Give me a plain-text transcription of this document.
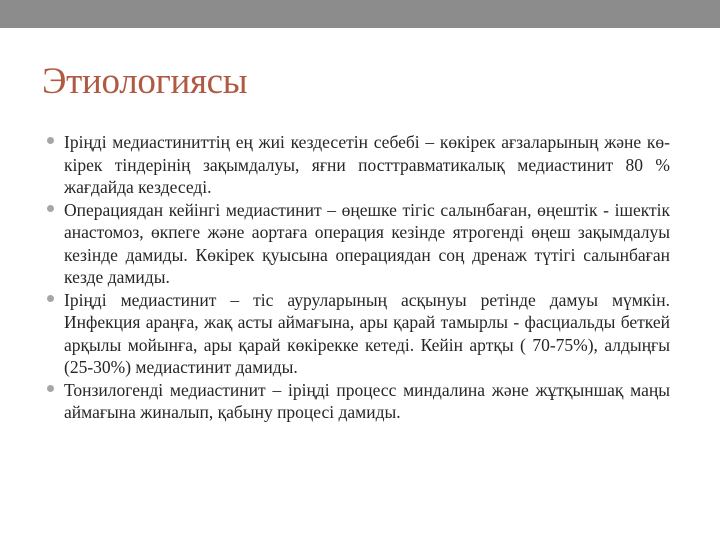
Этиологиясы
Іріңді медиастиниттің ең жиі кездесетін себебі – көкірек ағзаларының және көкірек тіндерінің зақымдалуы, яғни посттравматикалық медиастинит 80 % жағдайда кездеседі.
Операциядан кейінгі медиастинит – өңешке тігіс салынбаған, өңештік - ішектік анастомоз, өкпеге және аортаға операция кезінде ятрогенді өңеш зақымдалуы кезінде дамиды. Көкірек қуысына операциядан соң дренаж түтігі салынбаған кезде дамиды.
Іріңді медиастинит – тіс ауруларының асқынуы ретінде дамуы мүмкін. Инфекция араңға, жақ асты аймағына, ары қарай тамырлы - фасциальды беткей арқылы мойынға, ары қарай көкірекке кетеді. Кейін артқы ( 70-75%), алдыңғы (25-30%) медиастинит дамиды.
Тонзилогенді медиастинит – іріңді процесс миндалина және жұтқыншақ маңы аймағына жиналып, қабыну процесі дамиды.
